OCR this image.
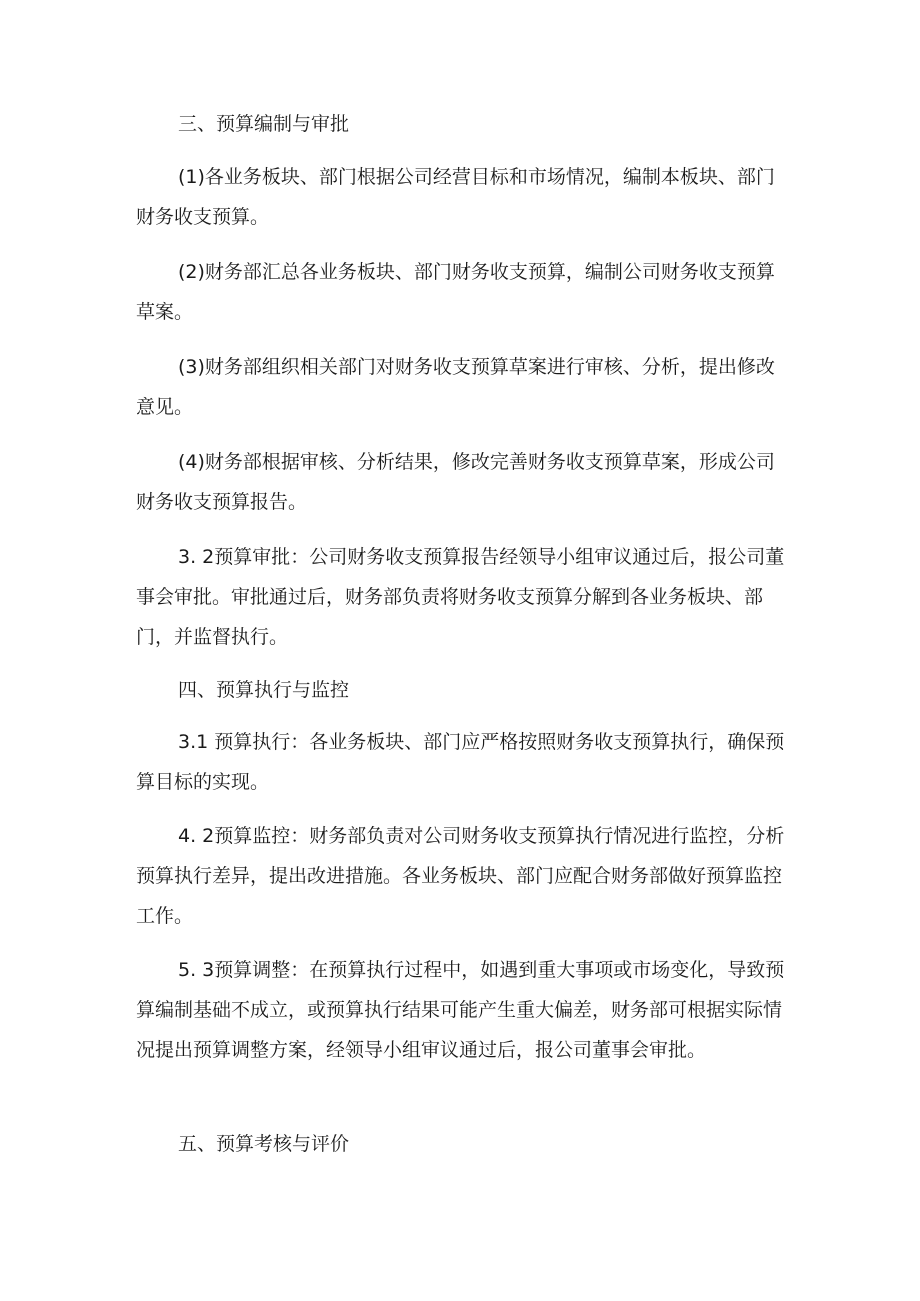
三、预算编制与审批

(1)各业务板块、部门根据公司经营目标和市场情况，编制本板块、部门财务收支预算。

(2)财务部汇总各业务板块、部门财务收支预算，编制公司财务收支预算草案。

(3)财务部组织相关部门对财务收支预算草案进行审核、分析，提出修改意见。

(4)财务部根据审核、分析结果，修改完善财务收支预算草案，形成公司财务收支预算报告。

3. 2预算审批：公司财务收支预算报告经领导小组审议通过后，报公司董事会审批。审批通过后，财务部负责将财务收支预算分解到各业务板块、部门，并监督执行。

四、预算执行与监控

3.1 预算执行：各业务板块、部门应严格按照财务收支预算执行，确保预算目标的实现。

4. 2预算监控：财务部负责对公司财务收支预算执行情况进行监控，分析预算执行差异，提出改进措施。各业务板块、部门应配合财务部做好预算监控工作。

5. 3预算调整：在预算执行过程中，如遇到重大事项或市场变化，导致预算编制基础不成立，或预算执行结果可能产生重大偏差，财务部可根据实际情况提出预算调整方案，经领导小组审议通过后，报公司董事会审批。

五、预算考核与评价
